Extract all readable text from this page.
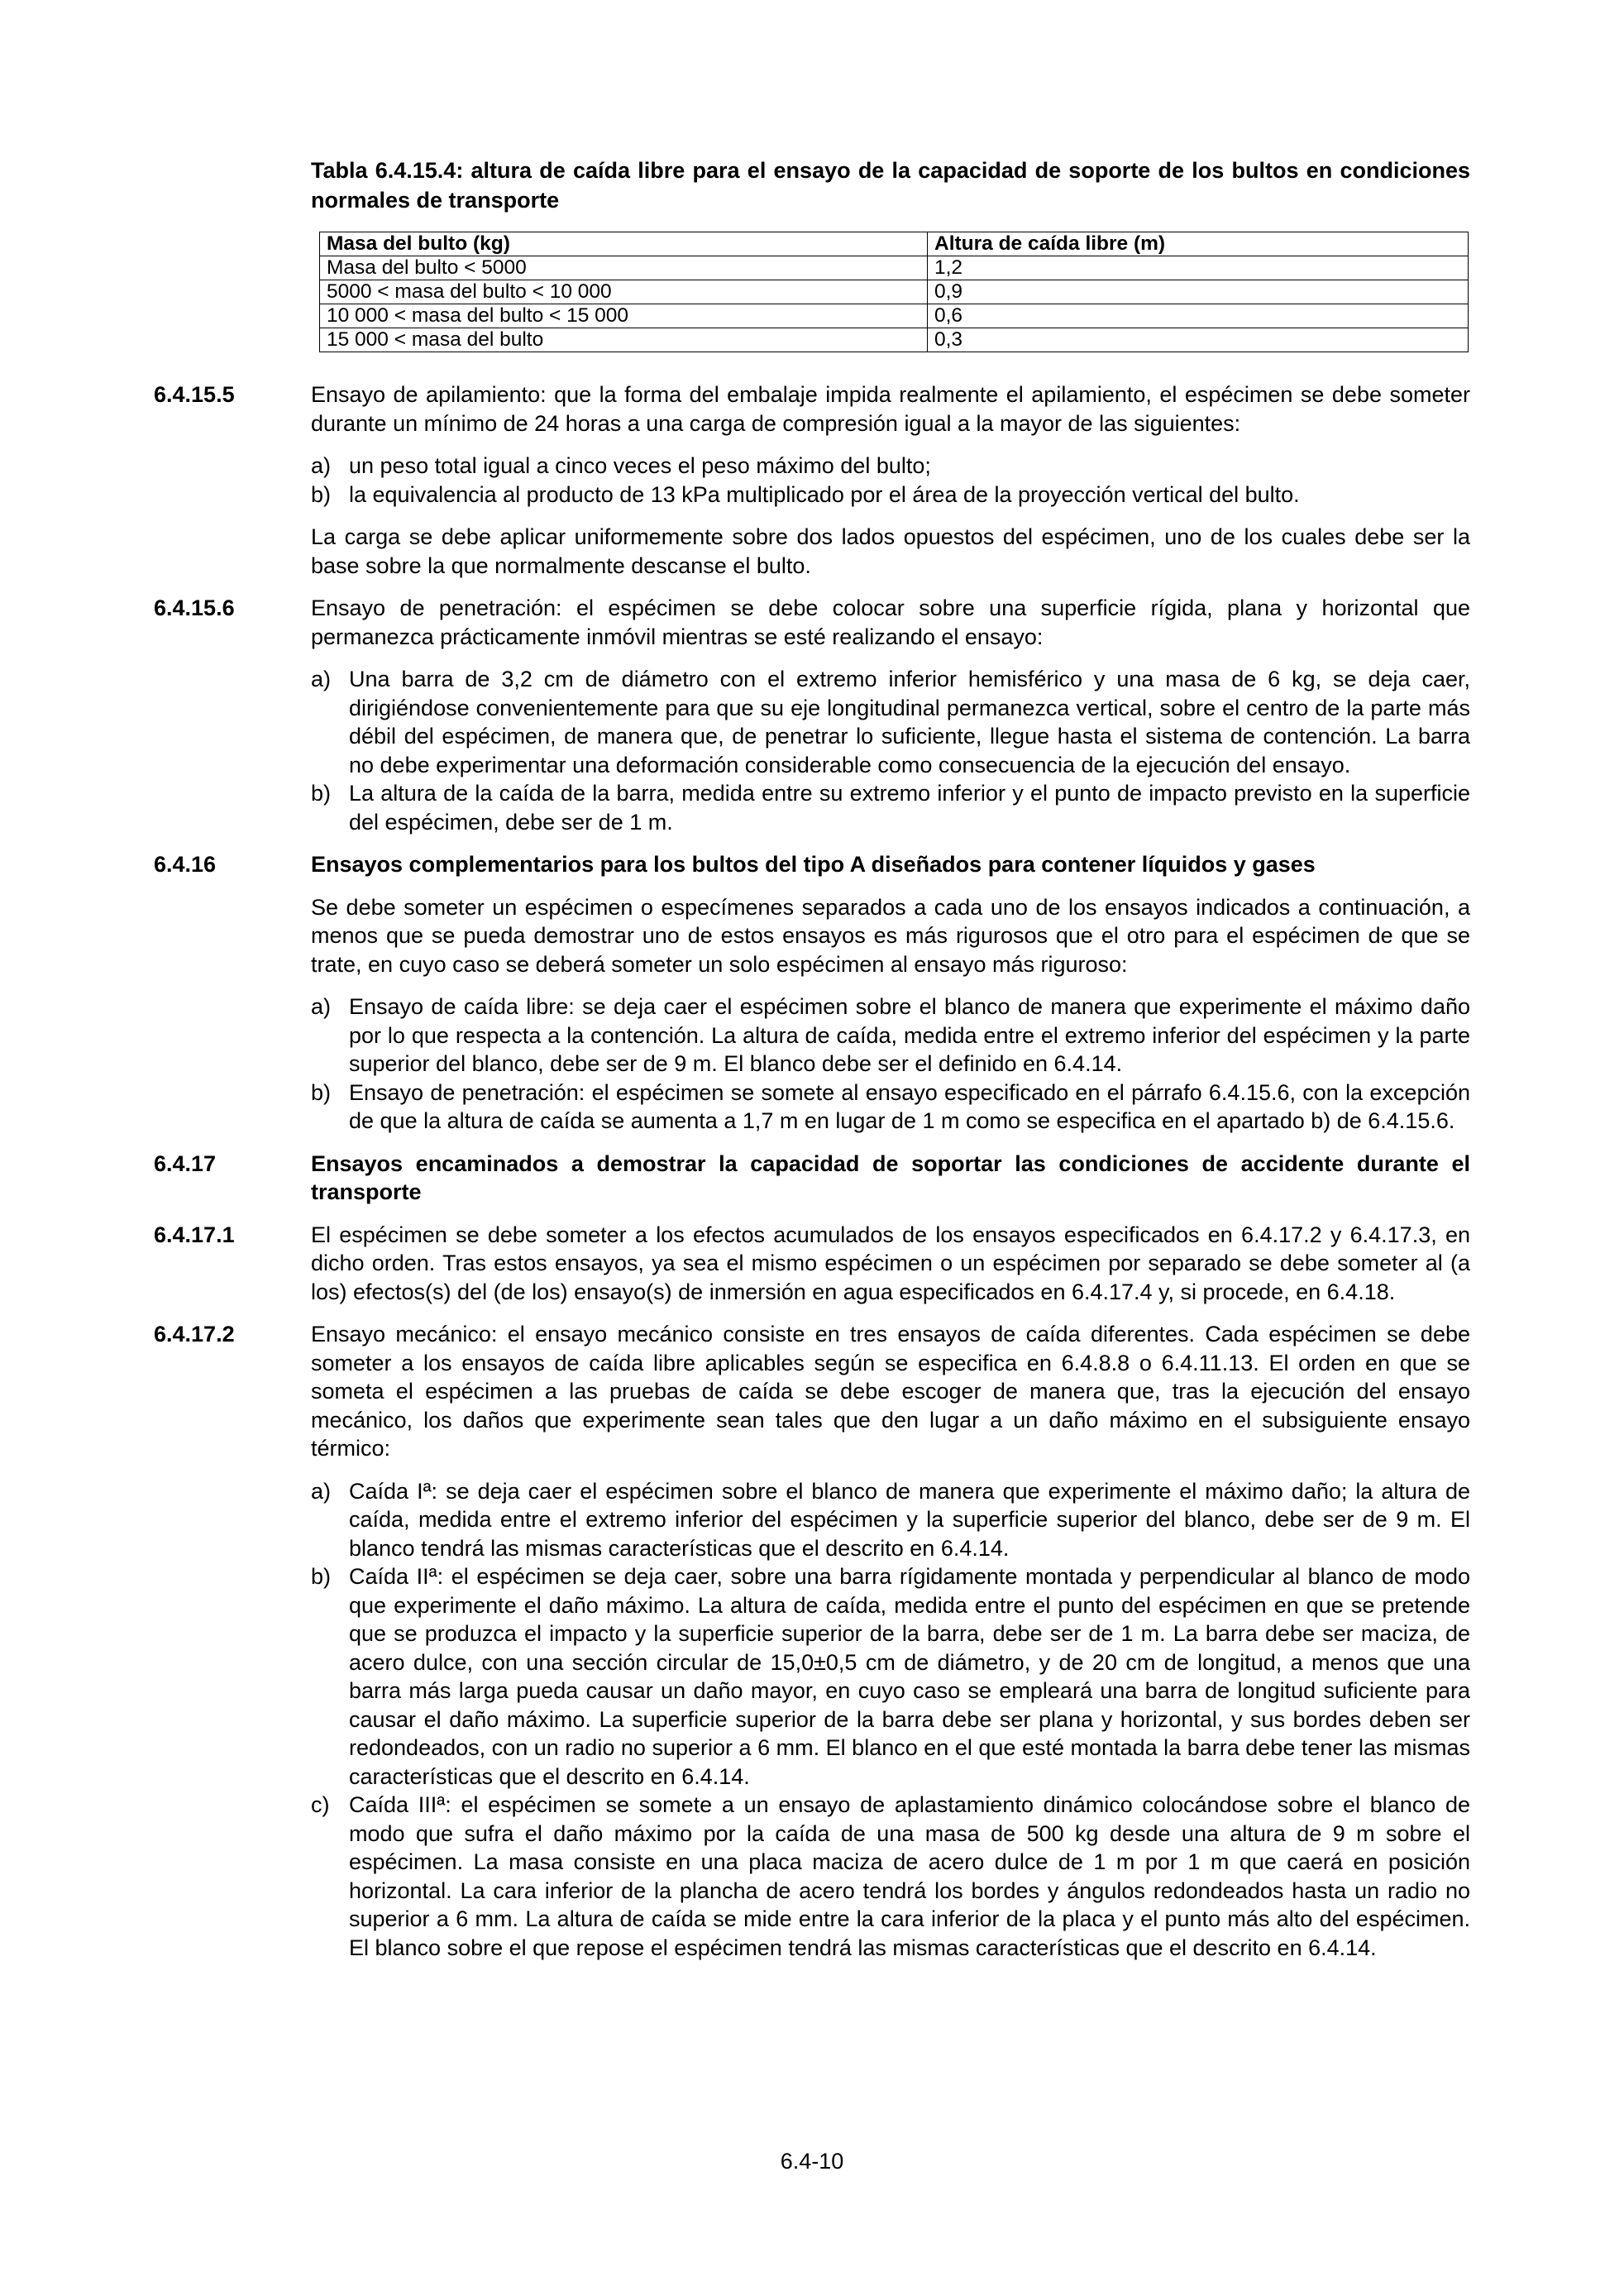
Tabla 6.4.15.4: altura de caída libre para el ensayo de la capacidad de soporte de los bultos en condiciones normales de transporte
Masa del bulto (kg)	Altura de caída libre (m)
Masa del bulto < 5000	1,2
5000 < masa del bulto < 10 000	0,9
10 000 < masa del bulto < 15 000	0,6
15 000 < masa del bulto	0,3
6.4.15.5	Ensayo de apilamiento: que la forma del embalaje impida realmente el apilamiento, el espécimen se debe someter durante un mínimo de 24 horas a una carga de compresión igual a la mayor de las siguientes:

a) un peso total igual a cinco veces el peso máximo del bulto;
b) la equivalencia al producto de 13 kPa multiplicado por el área de la proyección vertical del bulto.

La carga se debe aplicar uniformemente sobre dos lados opuestos del espécimen, uno de los cuales debe ser la base sobre la que normalmente descanse el bulto.

6.4.15.6	Ensayo de penetración: el espécimen se debe colocar sobre una superficie rígida, plana y horizontal que permanezca prácticamente inmóvil mientras se esté realizando el ensayo:

a) Una barra de 3,2 cm de diámetro con el extremo inferior hemisférico y una masa de 6 kg, se deja caer, dirigiéndose convenientemente para que su eje longitudinal permanezca vertical, sobre el centro de la parte más débil del espécimen, de manera que, de penetrar lo suficiente, llegue hasta el sistema de contención. La barra no debe experimentar una deformación considerable como consecuencia de la ejecución del ensayo.
b) La altura de la caída de la barra, medida entre su extremo inferior y el punto de impacto previsto en la superficie del espécimen, debe ser de 1 m.
6.4.16	Ensayos complementarios para los bultos del tipo A diseñados para contener líquidos y gases

Se debe someter un espécimen o especímenes separados a cada uno de los ensayos indicados a continuación, a menos que se pueda demostrar uno de estos ensayos es más rigurosos que el otro para el espécimen de que se trate, en cuyo caso se deberá someter un solo espécimen al ensayo más riguroso:

a) Ensayo de caída libre: se deja caer el espécimen sobre el blanco de manera que experimente el máximo daño por lo que respecta a la contención. La altura de caída, medida entre el extremo inferior del espécimen y la parte superior del blanco, debe ser de 9 m. El blanco debe ser el definido en 6.4.14.
b) Ensayo de penetración: el espécimen se somete al ensayo especificado en el párrafo 6.4.15.6, con la excepción de que la altura de caída se aumenta a 1,7 m en lugar de 1 m como se especifica en el apartado b) de 6.4.15.6.
6.4.17	Ensayos encaminados a demostrar la capacidad de soportar las condiciones de accidente durante el transporte

6.4.17.1	El espécimen se debe someter a los efectos acumulados de los ensayos especificados en 6.4.17.2 y 6.4.17.3, en dicho orden. Tras estos ensayos, ya sea el mismo espécimen o un espécimen por separado se debe someter al (a los) efectos(s) del (de los) ensayo(s) de inmersión en agua especificados en 6.4.17.4 y, si procede, en 6.4.18.

6.4.17.2	Ensayo mecánico: el ensayo mecánico consiste en tres ensayos de caída diferentes. Cada espécimen se debe someter a los ensayos de caída libre aplicables según se especifica en 6.4.8.8 o 6.4.11.13. El orden en que se someta el espécimen a las pruebas de caída se debe escoger de manera que, tras la ejecución del ensayo mecánico, los daños que experimente sean tales que den lugar a un daño máximo en el subsiguiente ensayo térmico:

a) Caída Iª: se deja caer el espécimen sobre el blanco de manera que experimente el máximo daño; la altura de caída, medida entre el extremo inferior del espécimen y la superficie superior del blanco, debe ser de 9 m. El blanco tendrá las mismas características que el descrito en 6.4.14.
b) Caída IIª: el espécimen se deja caer, sobre una barra rígidamente montada y perpendicular al blanco de modo que experimente el daño máximo. La altura de caída, medida entre el punto del espécimen en que se pretende que se produzca el impacto y la superficie superior de la barra, debe ser de 1 m. La barra debe ser maciza, de acero dulce, con una sección circular de 15,0±0,5 cm de diámetro, y de 20 cm de longitud, a menos que una barra más larga pueda causar un daño mayor, en cuyo caso se empleará una barra de longitud suficiente para causar el daño máximo. La superficie superior de la barra debe ser plana y horizontal, y sus bordes deben ser redondeados, con un radio no superior a 6 mm. El blanco en el que esté montada la barra debe tener las mismas características que el descrito en 6.4.14.
c) Caída IIIª: el espécimen se somete a un ensayo de aplastamiento dinámico colocándose sobre el blanco de modo que sufra el daño máximo por la caída de una masa de 500 kg desde una altura de 9 m sobre el espécimen. La masa consiste en una placa maciza de acero dulce de 1 m por 1 m que caerá en posición horizontal. La cara inferior de la plancha de acero tendrá los bordes y ángulos redondeados hasta un radio no superior a 6 mm. La altura de caída se mide entre la cara inferior de la placa y el punto más alto del espécimen. El blanco sobre el que repose el espécimen tendrá las mismas características que el descrito en 6.4.14.
6.4-10
